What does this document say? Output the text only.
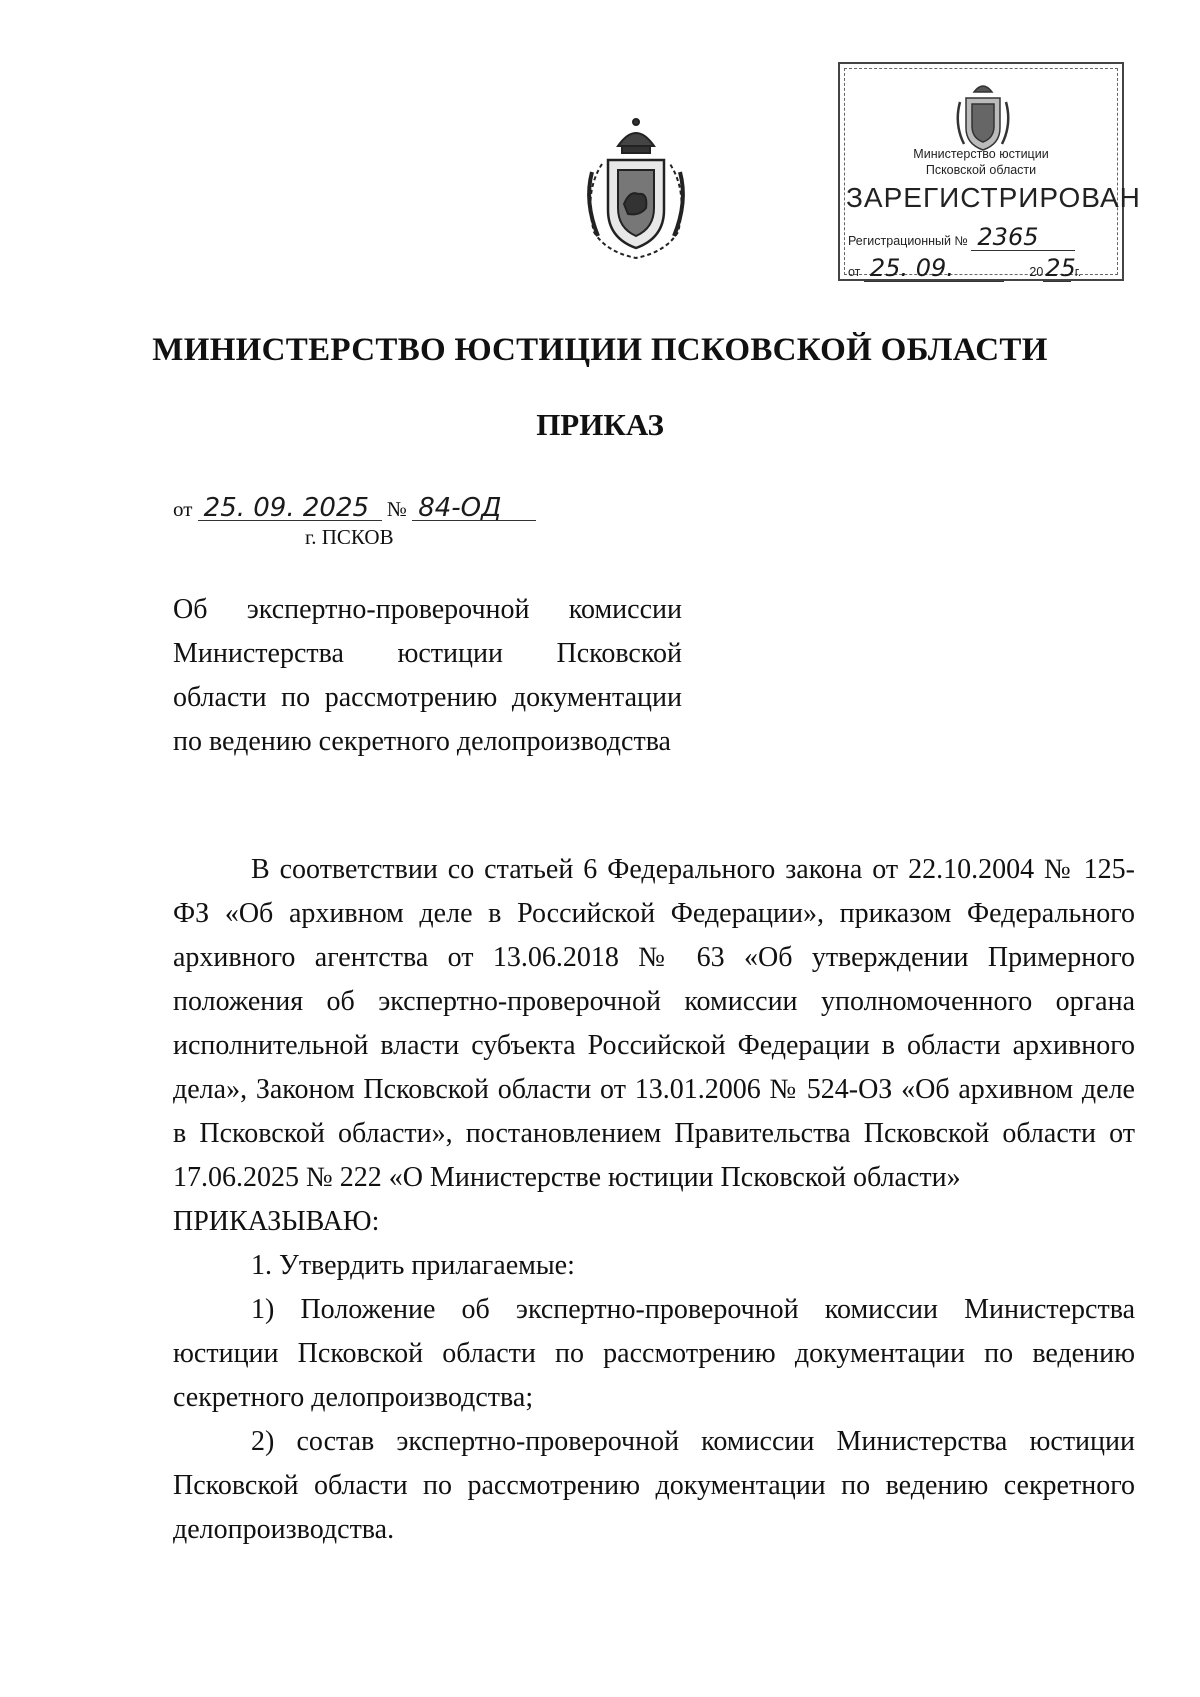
Министерство юстиции
Псковской области
ЗАРЕГИСТРИРОВАН
Регистрационный № 2365
от 25. 09.	2025 г.
МИНИСТЕРСТВО ЮСТИЦИИ ПСКОВСКОЙ ОБЛАСТИ
ПРИКАЗ
от 25. 09. 2025 № 84-ОД
г. ПСКОВ
Об экспертно-проверочной комиссии Министерства юстиции Псковской области по рассмотрению документации по ведению секретного делопроизводства

В соответствии со статьей 6 Федерального закона от 22.10.2004 № 125-ФЗ «Об архивном деле в Российской Федерации», приказом Федерального архивного агентства от 13.06.2018 № 63 «Об утверждении Примерного положения об экспертно-проверочной комиссии уполномоченного органа исполнительной власти субъекта Российской Федерации в области архивного дела», Законом Псковской области от 13.01.2006 № 524-ОЗ «Об архивном деле в Псковской области», постановлением Правительства Псковской области от 17.06.2025 № 222 «О Министерстве юстиции Псковской области»

ПРИКАЗЫВАЮ:

1. Утвердить прилагаемые:

1) Положение об экспертно-проверочной комиссии Министерства юстиции Псковской области по рассмотрению документации по ведению секретного делопроизводства;

2) состав экспертно-проверочной комиссии Министерства юстиции Псковской области по рассмотрению документации по ведению секретного делопроизводства.
